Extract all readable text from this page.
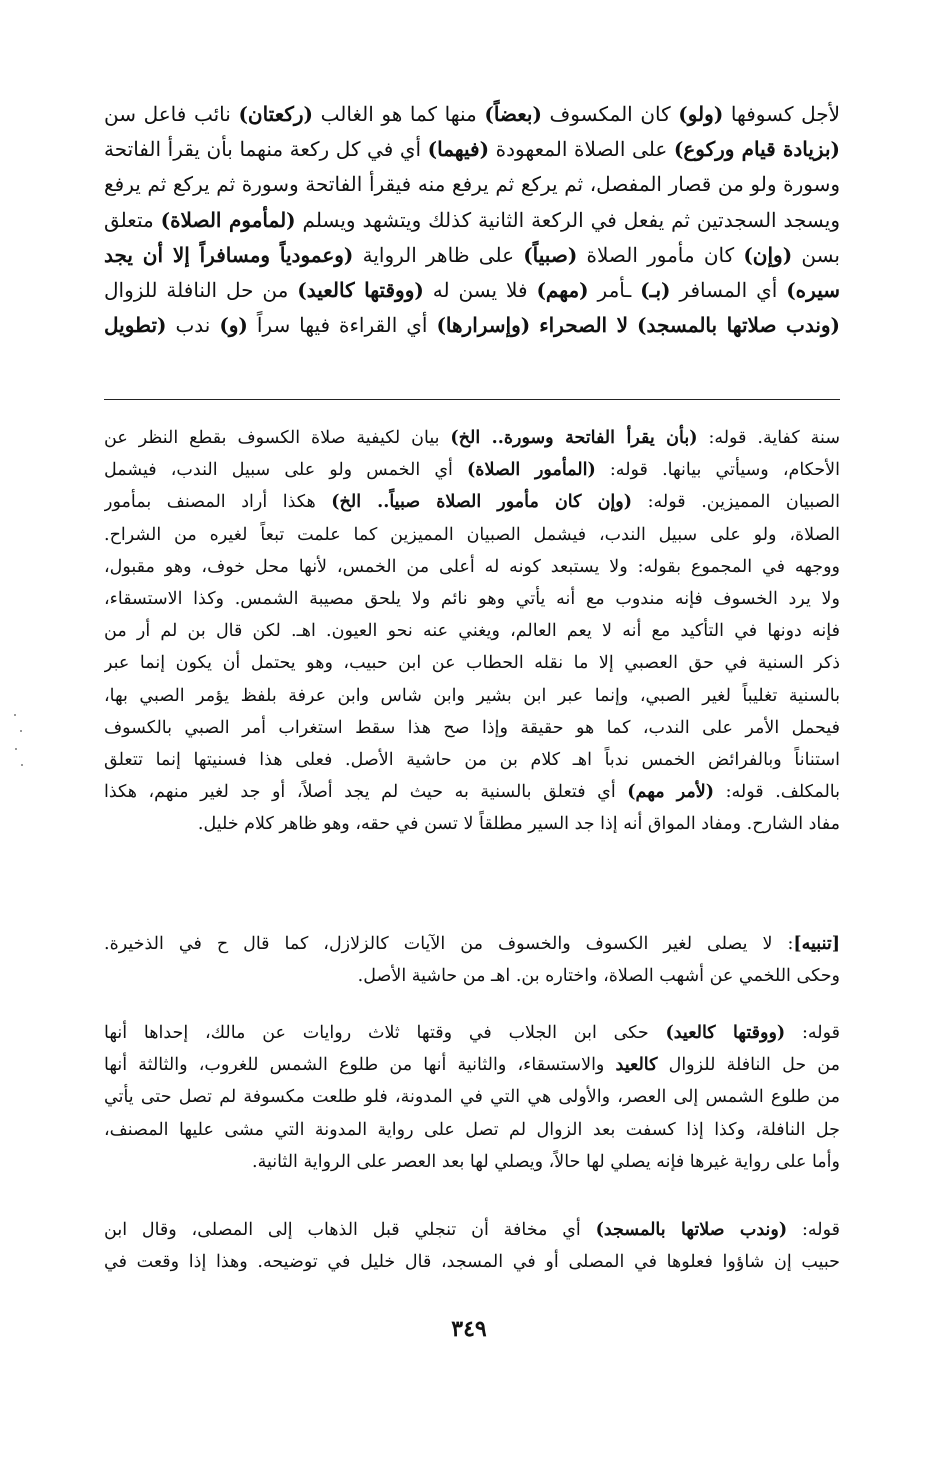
لأجل كسوفها (ولو) كان المكسوف (بعضاً) منها كما هو الغالب (ركعتان) نائب فاعل سن
(بزيادة قيام وركوع) على الصلاة المعهودة (فيهما) أي في كل ركعة منهما بأن يقرأ الفاتحة
وسورة ولو من قصار المفصل، ثم يركع ثم يرفع منه فيقرأ الفاتحة وسورة ثم يركع ثم يرفع
ويسجد السجدتين ثم يفعل في الركعة الثانية كذلك ويتشهد ويسلم (لمأموم الصلاة) متعلق
بسن (وإن) كان مأمور الصلاة (صبياً) على ظاهر الرواية (وعمودياً ومسافراً إلا أن يجد
سيره) أي المسافر (بـ) ـأمر (مهم) فلا يسن له (ووقتها كالعيد) من حل النافلة للزوال
(وندب صلاتها بالمسجد) لا الصحراء (وإسرارها) أي القراءة فيها سراً (و) ندب (تطويل
سنة كفاية. قوله: (بأن يقرأ الفاتحة وسورة.. الخ) بيان لكيفية صلاة الكسوف بقطع النظر عن
الأحكام، وسيأتي بيانها. قوله: (المأمور الصلاة) أي الخمس ولو على سبيل الندب، فيشمل
الصبيان المميزين. قوله: (وإن كان مأمور الصلاة صبياً.. الخ) هكذا أراد المصنف بمأمور
الصلاة، ولو على سبيل الندب، فيشمل الصبيان المميزين كما علمت تبعاً لغيره من الشراح.
ووجهه في المجموع بقوله: ولا يستبعد كونه له أعلى من الخمس، لأنها محل خوف، وهو مقبول،
ولا يرد الخسوف فإنه مندوب مع أنه يأتي وهو نائم ولا يلحق مصيبة الشمس. وكذا الاستسقاء،
فإنه دونها في التأكيد مع أنه لا يعم العالم، ويغني عنه نحو العيون. اهـ. لكن قال بن لم أر من
ذكر السنية في حق العصبي إلا ما نقله الحطاب عن ابن حبيب، وهو يحتمل أن يكون إنما عبر
بالسنية تغليباً لغير الصبي، وإنما عبر ابن بشير وابن شاس وابن عرفة بلفظ يؤمر الصبي بها،
فيحمل الأمر على الندب، كما هو حقيقة وإذا صح هذا سقط استغراب أمر الصبي بالكسوف
استناناً وبالفرائض الخمس ندباً اهـ كلام بن من حاشية الأصل. فعلى هذا فسنيتها إنما تتعلق
بالمكلف. قوله: (لأمر مهم) أي فتعلق بالسنية به حيث لم يجد أصلاً، أو جد لغير منهم، هكذا
مفاد الشارح. ومفاد المواق أنه إذا جد السير مطلقاً لا تسن في حقه، وهو ظاهر كلام خليل.
[تنبيه]: لا يصلى لغير الكسوف والخسوف من الآيات كالزلازل، كما قال ح في الذخيرة.
وحكى اللخمي عن أشهب الصلاة، واختاره بن. اهـ من حاشية الأصل.
قوله: (ووقتها كالعيد) حكى ابن الجلاب في وقتها ثلاث روايات عن مالك، إحداها أنها
من حل النافلة للزوال كالعيد والاستسقاء، والثانية أنها من طلوع الشمس للغروب، والثالثة أنها
من طلوع الشمس إلى العصر، والأولى هي التي في المدونة، فلو طلعت مكسوفة لم تصل حتى يأتي
جل النافلة، وكذا إذا كسفت بعد الزوال لم تصل على رواية المدونة التي مشى عليها المصنف،
وأما على رواية غيرها فإنه يصلي لها حالاً، ويصلي لها بعد العصر على الرواية الثانية.
قوله: (وندب صلاتها بالمسجد) أي مخافة أن تنجلي قبل الذهاب إلى المصلى، وقال ابن
حبيب إن شاؤوا فعلوها في المصلى أو في المسجد، قال خليل في توضيحه. وهذا إذا وقعت في
٣٤٩
